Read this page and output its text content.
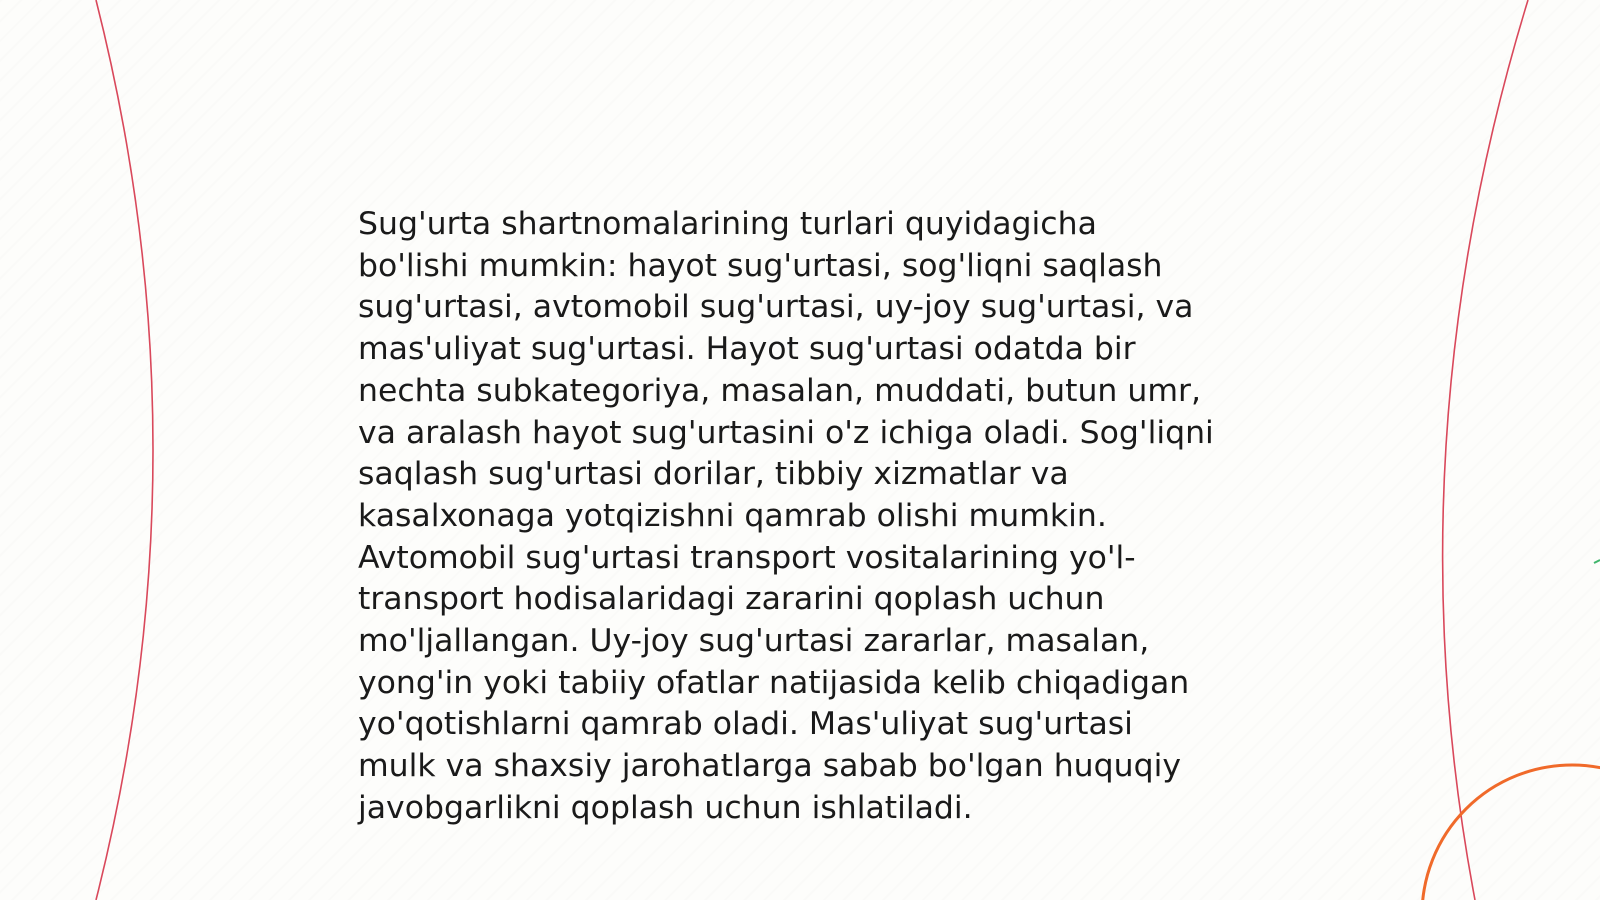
Sug'urta shartnomalarining turlari quyidagicha
bo'lishi mumkin: hayot sug'urtasi, sog'liqni saqlash
sug'urtasi, avtomobil sug'urtasi, uy-joy sug'urtasi, va
mas'uliyat sug'urtasi. Hayot sug'urtasi odatda bir
nechta subkategoriya, masalan, muddati, butun umr,
va aralash hayot sug'urtasini o'z ichiga oladi. Sog'liqni
saqlash sug'urtasi dorilar, tibbiy xizmatlar va
kasalxonaga yotqizishni qamrab olishi mumkin.
Avtomobil sug'urtasi transport vositalarining yo'l-
transport hodisalaridagi zararini qoplash uchun
mo'ljallangan. Uy-joy sug'urtasi zararlar, masalan,
yong'in yoki tabiiy ofatlar natijasida kelib chiqadigan
yo'qotishlarni qamrab oladi. Mas'uliyat sug'urtasi
mulk va shaxsiy jarohatlarga sabab bo'lgan huquqiy
javobgarlikni qoplash uchun ishlatiladi.
